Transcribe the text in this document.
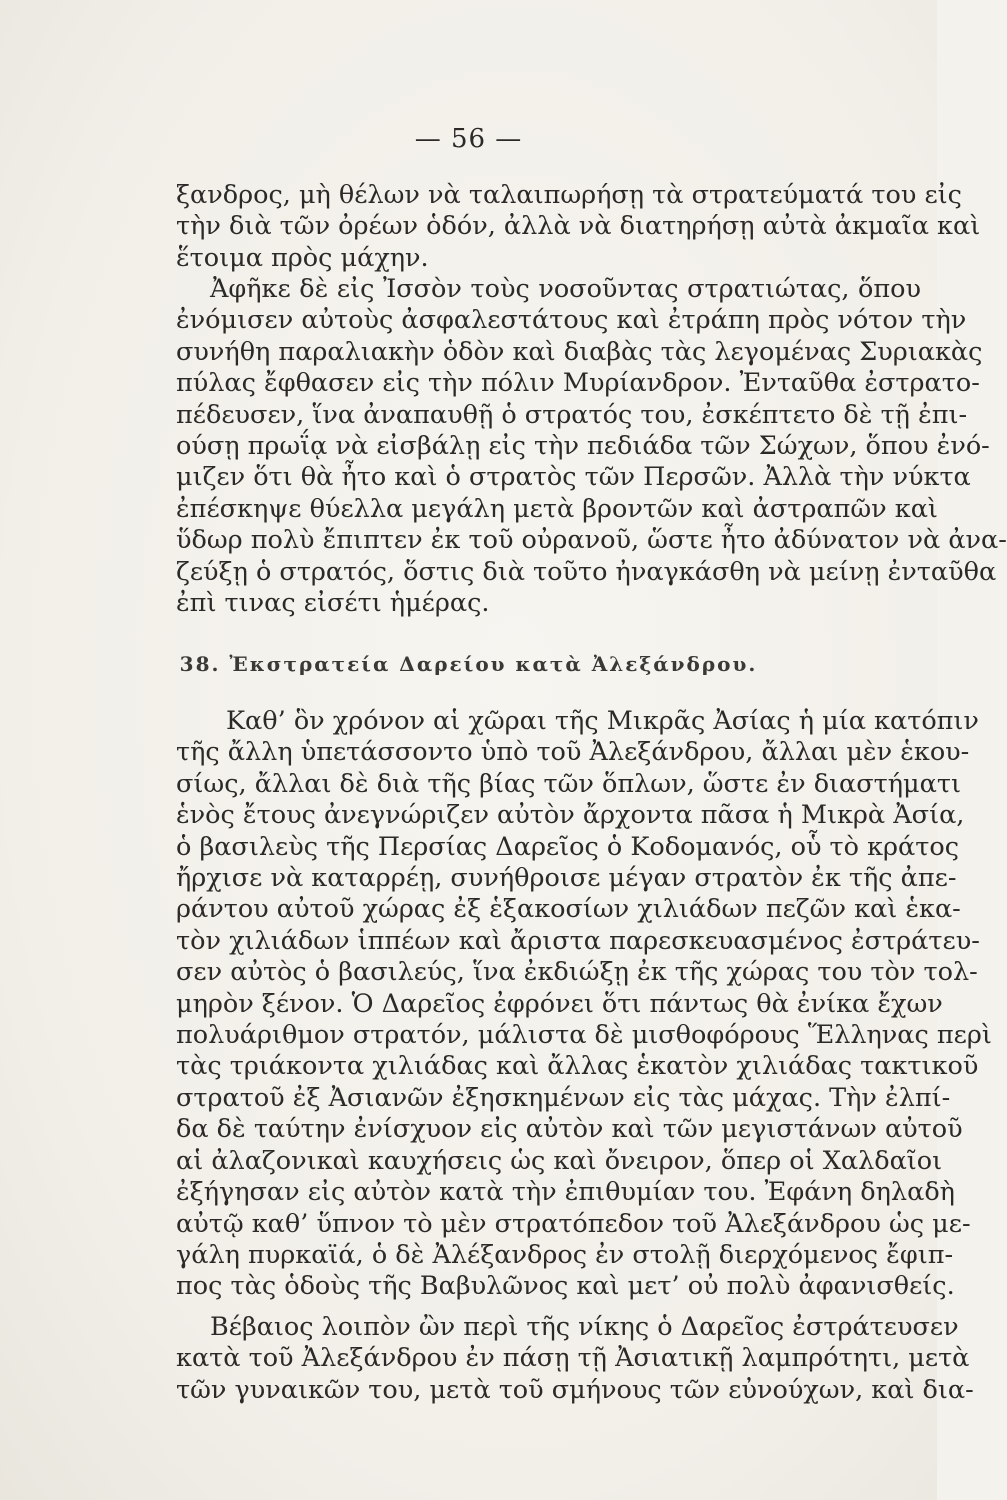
— 56 —
ξανδρος, μὴ θέλων νὰ ταλαιπωρήσῃ τὰ στρατεύματά του εἰς
τὴν διὰ τῶν ὀρέων ὁδόν, ἀλλὰ νὰ διατηρήσῃ αὐτὰ ἀκμαῖα καὶ
ἕτοιμα πρὸς μάχην.
Ἀφῆκε δὲ εἰς Ἰσσὸν τοὺς νοσοῦντας στρατιώτας, ὅπου
ἐνόμισεν αὐτοὺς ἀσφαλεστάτους καὶ ἐτράπη πρὸς νότον τὴν
συνήθη παραλιακὴν ὁδὸν καὶ διαβὰς τὰς λεγομένας Συριακὰς
πύλας ἔφθασεν εἰς τὴν πόλιν Μυρίανδρον. Ἐνταῦθα ἐστρατο-
πέδευσεν, ἵνα ἀναπαυθῇ ὁ στρατός του, ἐσκέπτετο δὲ τῇ ἐπι-
ούσῃ πρωΐᾳ νὰ εἰσβάλῃ εἰς τὴν πεδιάδα τῶν Σώχων, ὅπου ἐνό-
μιζεν ὅτι θὰ ἦτο καὶ ὁ στρατὸς τῶν Περσῶν. Ἀλλὰ τὴν νύκτα
ἐπέσκηψε θύελλα μεγάλη μετὰ βροντῶν καὶ ἀστραπῶν καὶ
ὕδωρ πολὺ ἔπιπτεν ἐκ τοῦ οὐρανοῦ, ὥστε ἦτο ἀδύνατον νὰ ἀνα-
ζεύξῃ ὁ στρατός, ὅστις διὰ τοῦτο ἠναγκάσθη νὰ μείνῃ ἐνταῦθα
ἐπὶ τινας εἰσέτι ἡμέρας.
38. Ἐκστρατεία Δαρείου κατὰ Ἀλεξάνδρου.
Καθ’ ὃν χρόνον αἱ χῶραι τῆς Μικρᾶς Ἀσίας ἡ μία κατόπιν
τῆς ἄλλη ὑπετάσσοντο ὑπὸ τοῦ Ἀλεξάνδρου, ἄλλαι μὲν ἑκου-
σίως, ἄλλαι δὲ διὰ τῆς βίας τῶν ὅπλων, ὥστε ἐν διαστήματι
ἑνὸς ἔτους ἀνεγνώριζεν αὐτὸν ἄρχοντα πᾶσα ἡ Μικρὰ Ἀσία,
ὁ βασιλεὺς τῆς Περσίας Δαρεῖος ὁ Κοδομανός, οὗ τὸ κράτος
ἤρχισε νὰ καταρρέῃ, συνήθροισε μέγαν στρατὸν ἐκ τῆς ἀπε-
ράντου αὐτοῦ χώρας ἐξ ἑξακοσίων χιλιάδων πεζῶν καὶ ἑκα-
τὸν χιλιάδων ἱππέων καὶ ἄριστα παρεσκευασμένος ἐστράτευ-
σεν αὐτὸς ὁ βασιλεύς, ἵνα ἐκδιώξῃ ἐκ τῆς χώρας του τὸν τολ-
μηρὸν ξένον. Ὁ Δαρεῖος ἐφρόνει ὅτι πάντως θὰ ἐνίκα ἔχων
πολυάριθμον στρατόν, μάλιστα δὲ μισθοφόρους Ἕλληνας περὶ
τὰς τριάκοντα χιλιάδας καὶ ἄλλας ἑκατὸν χιλιάδας τακτικοῦ
στρατοῦ ἐξ Ἀσιανῶν ἐξησκημένων εἰς τὰς μάχας. Τὴν ἐλπί-
δα δὲ ταύτην ἐνίσχυον εἰς αὐτὸν καὶ τῶν μεγιστάνων αὐτοῦ
αἱ ἀλαζονικαὶ καυχήσεις ὡς καὶ ὄνειρον, ὅπερ οἱ Χαλδαῖοι
ἐξήγησαν εἰς αὐτὸν κατὰ τὴν ἐπιθυμίαν του. Ἐφάνη δηλαδὴ
αὐτῷ καθ’ ὕπνον τὸ μὲν στρατόπεδον τοῦ Ἀλεξάνδρου ὡς με-
γάλη πυρκαϊά, ὁ δὲ Ἀλέξανδρος ἐν στολῇ διερχόμενος ἔφιπ-
πος τὰς ὁδοὺς τῆς Βαβυλῶνος καὶ μετ’ οὐ πολὺ ἀφανισθείς.
Βέβαιος λοιπὸν ὢν περὶ τῆς νίκης ὁ Δαρεῖος ἐστράτευσεν
κατὰ τοῦ Ἀλεξάνδρου ἐν πάσῃ τῇ Ἀσιατικῇ λαμπρότητι, μετὰ
τῶν γυναικῶν του, μετὰ τοῦ σμήνους τῶν εὐνούχων, καὶ δια-
